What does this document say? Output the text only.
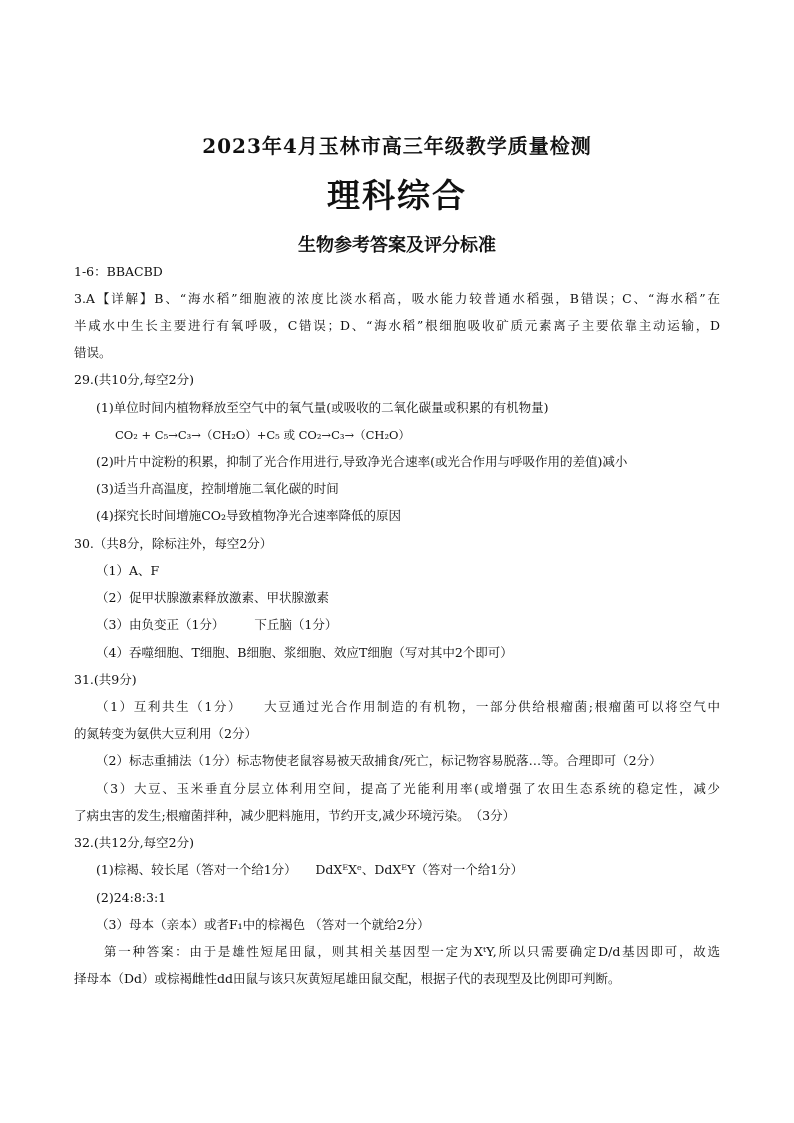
2023年4月玉林市高三年级教学质量检测
理科综合
生物参考答案及评分标准
1-6：BBACBD
3.A【详解】B、“海水稻”细胞液的浓度比淡水稻高，吸水能力较普通水稻强，B错误；C、“海水稻”在
半咸水中生长主要进行有氧呼吸，C错误；D、“海水稻”根细胞吸收矿质元素离子主要依靠主动运输，D
错误。
29.(共10分,每空2分)
(1)单位时间内植物释放至空气中的氧气量(或吸收的二氧化碳量或积累的有机物量)
CO₂ + C₅→C₃→（CH₂O）+C₅ 或 CO₂→C₃→（CH₂O）
(2)叶片中淀粉的积累，抑制了光合作用进行,导致净光合速率(或光合作用与呼吸作用的差值)减小
(3)适当升高温度，控制增施二氧化碳的时间
(4)探究长时间增施CO₂导致植物净光合速率降低的原因
30.（共8分，除标注外，每空2分）
（1）A、F
（2）促甲状腺激素释放激素、甲状腺激素
（3）由负变正（1分） 下丘脑（1分）
（4）吞噬细胞、T细胞、B细胞、浆细胞、效应T细胞（写对其中2个即可）
31.(共9分)
（1）互利共生（1分）　　大豆通过光合作用制造的有机物，一部分供给根瘤菌;根瘤菌可以将空气中
的氮转变为氨供大豆利用（2分）
（2）标志重捕法（1分）标志物使老鼠容易被天敌捕食/死亡，标记物容易脱落…等。合理即可（2分）
（3）大豆、玉米垂直分层立体利用空间，提高了光能利用率(或增强了农田生态系统的稳定性，减少
了病虫害的发生;根瘤菌拌种，减少肥料施用，节约开支,减少环境污染。　（3分）
32.(共12分,每空2分)
(1)棕褐、较长尾（答对一个给1分）　　DdXᴱXᵉ、DdXᴱY（答对一个给1分）
(2)24:8:3:1
（3）母本（亲本）或者F₁中的棕褐色 （答对一个就给2分）
第一种答案：由于是雄性短尾田鼠，则其相关基因型一定为XᵗY,所以只需要确定D/d基因即可，故选
择母本（Dd）或棕褐雌性dd田鼠与该只灰黄短尾雄田鼠交配，根据子代的表现型及比例即可判断。
